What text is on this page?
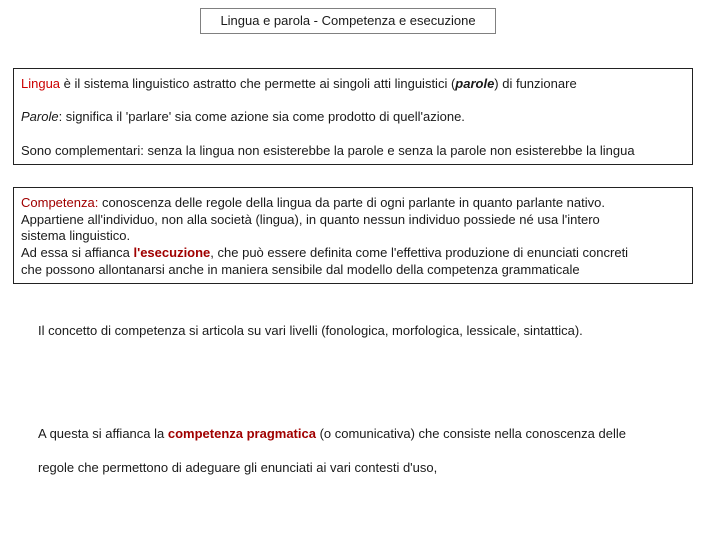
Lingua e parola - Competenza e esecuzione
Lingua è il sistema linguistico astratto che permette ai singoli atti linguistici (parole) di funzionare
Parole: significa il 'parlare' sia come azione sia come prodotto di quell'azione.
Sono complementari: senza la lingua non esisterebbe la parole e senza la parole non esisterebbe la lingua
Competenza: conoscenza delle regole della lingua da parte di ogni parlante in quanto parlante nativo.
Appartiene all'individuo, non alla società (lingua), in quanto nessun individuo possiede né usa l'intero
sistema linguistico.
Ad essa si affianca l'esecuzione, che può essere definita come l'effettiva produzione di enunciati concreti
che possono allontanarsi anche in maniera sensibile dal modello della competenza grammaticale
Il concetto di competenza si articola su vari livelli (fonologica, morfologica, lessicale, sintattica).
A questa si affianca la competenza pragmatica (o comunicativa) che consiste nella conoscenza delle
regole che permettono di adeguare gli enunciati ai vari contesti d'uso,
